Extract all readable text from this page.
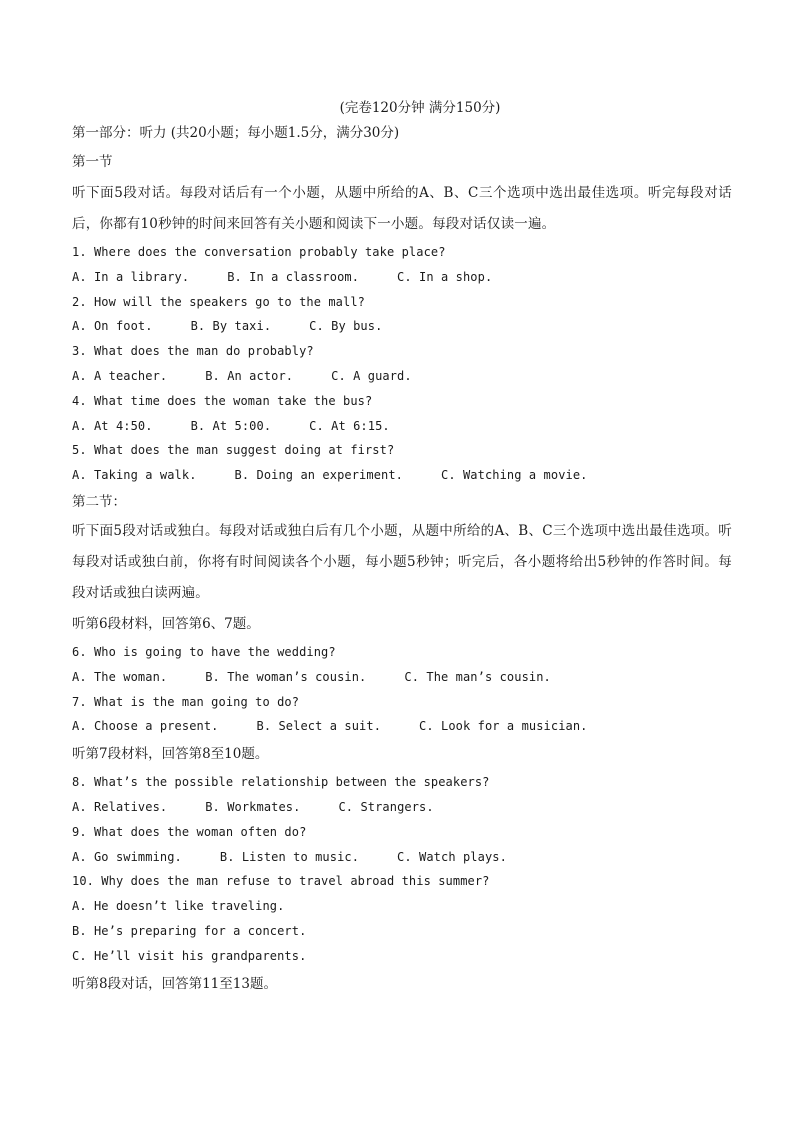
(完卷120分钟 满分150分)
第一部分：听力 (共20小题；每小题1.5分，满分30分)
第一节
听下面5段对话。每段对话后有一个小题，从题中所给的A、B、C三个选项中选出最佳选项。听完每段对话后，你都有10秒钟的时间来回答有关小题和阅读下一小题。每段对话仅读一遍。
1. Where does the conversation probably take place?
A. In a library.	B. In a classroom.	C. In a shop.
2. How will the speakers go to the mall?
A. On foot.	B. By taxi.	C. By bus.
3. What does the man do probably?
A. A teacher.	B. An actor.	C. A guard.
4. What time does the woman take the bus?
A. At 4:50.	B. At 5:00.	C. At 6:15.
5. What does the man suggest doing at first?
A. Taking a walk.	B. Doing an experiment.	C. Watching a movie.
第二节：
听下面5段对话或独白。每段对话或独白后有几个小题，从题中所给的A、B、C三个选项中选出最佳选项。听每段对话或独白前，你将有时间阅读各个小题，每小题5秒钟；听完后，各小题将给出5秒钟的作答时间。每段对话或独白读两遍。
听第6段材料，回答第6、7题。
6. Who is going to have the wedding?
A. The woman.	B. The woman’s cousin.	C. The man’s cousin.
7. What is the man going to do?
A. Choose a present.	B. Select a suit.	C. Look for a musician.
听第7段材料，回答第8至10题。
8. What’s the possible relationship between the speakers?
A. Relatives.	B. Workmates.	C. Strangers.
9. What does the woman often do?
A. Go swimming.	B. Listen to music.	C. Watch plays.
10. Why does the man refuse to travel abroad this summer?
A. He doesn’t like traveling.
B. He’s preparing for a concert.
C. He’ll visit his grandparents.
听第8段对话，回答第11至13题。
